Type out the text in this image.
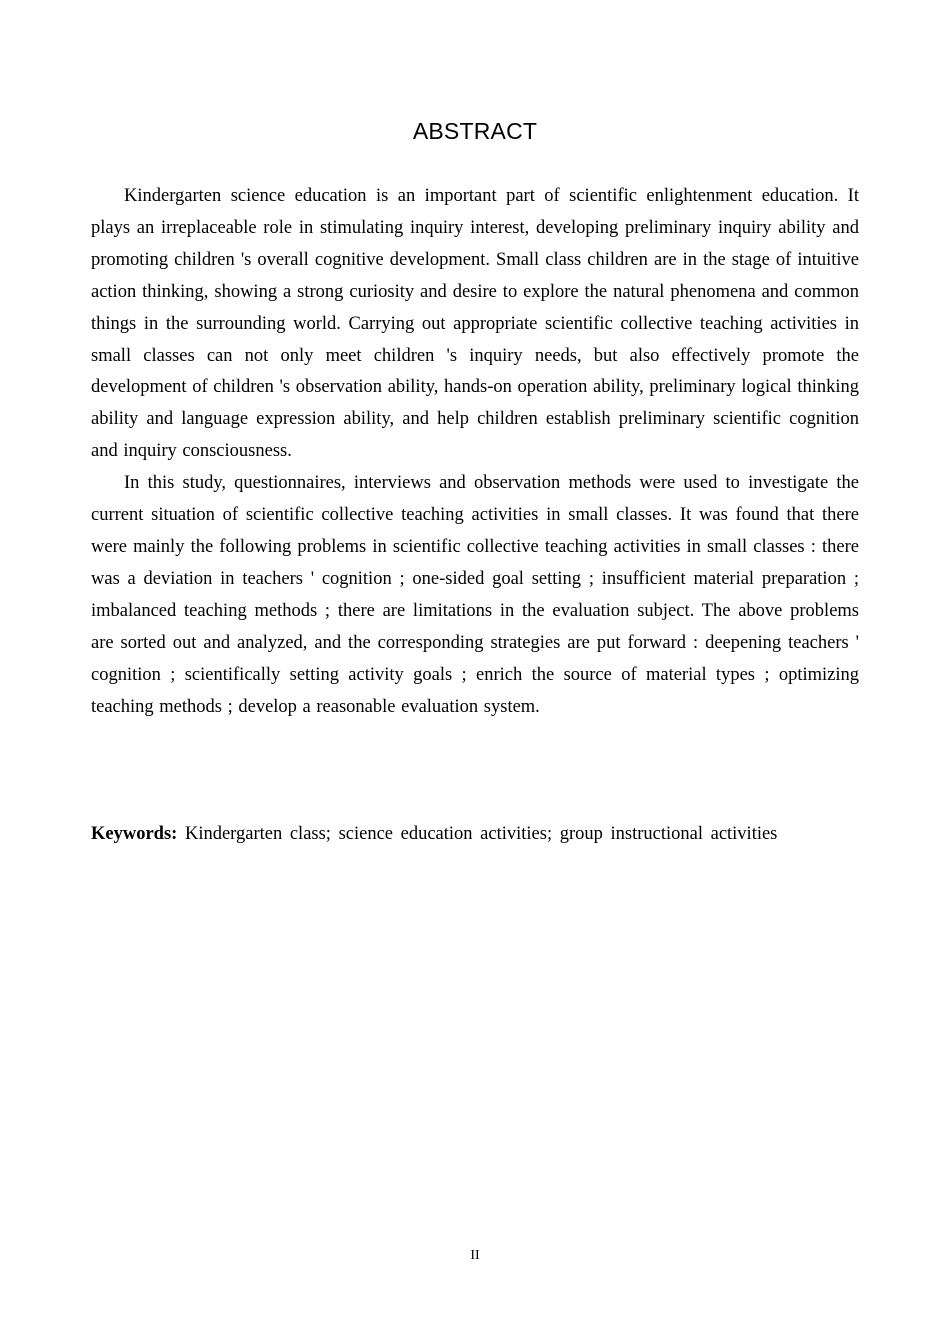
ABSTRACT

Kindergarten science education is an important part of scientific enlightenment education. It plays an irreplaceable role in stimulating inquiry interest, developing preliminary inquiry ability and promoting children 's overall cognitive development. Small class children are in the stage of intuitive action thinking, showing a strong curiosity and desire to explore the natural phenomena and common things in the surrounding world. Carrying out appropriate scientific collective teaching activities in small classes can not only meet children 's inquiry needs, but also effectively promote the development of children 's observation ability, hands-on operation ability, preliminary logical thinking ability and language expression ability, and help children establish preliminary scientific cognition and inquiry consciousness.

In this study, questionnaires, interviews and observation methods were used to investigate the current situation of scientific collective teaching activities in small classes. It was found that there were mainly the following problems in scientific collective teaching activities in small classes : there was a deviation in teachers ' cognition ; one-sided goal setting ; insufficient material preparation ; imbalanced teaching methods ; there are limitations in the evaluation subject. The above problems are sorted out and analyzed, and the corresponding strategies are put forward : deepening teachers ' cognition ; scientifically setting activity goals ; enrich the source of material types ; optimizing teaching methods ; develop a reasonable evaluation system.

Keywords: Kindergarten class; science education activities; group instructional activities
II
